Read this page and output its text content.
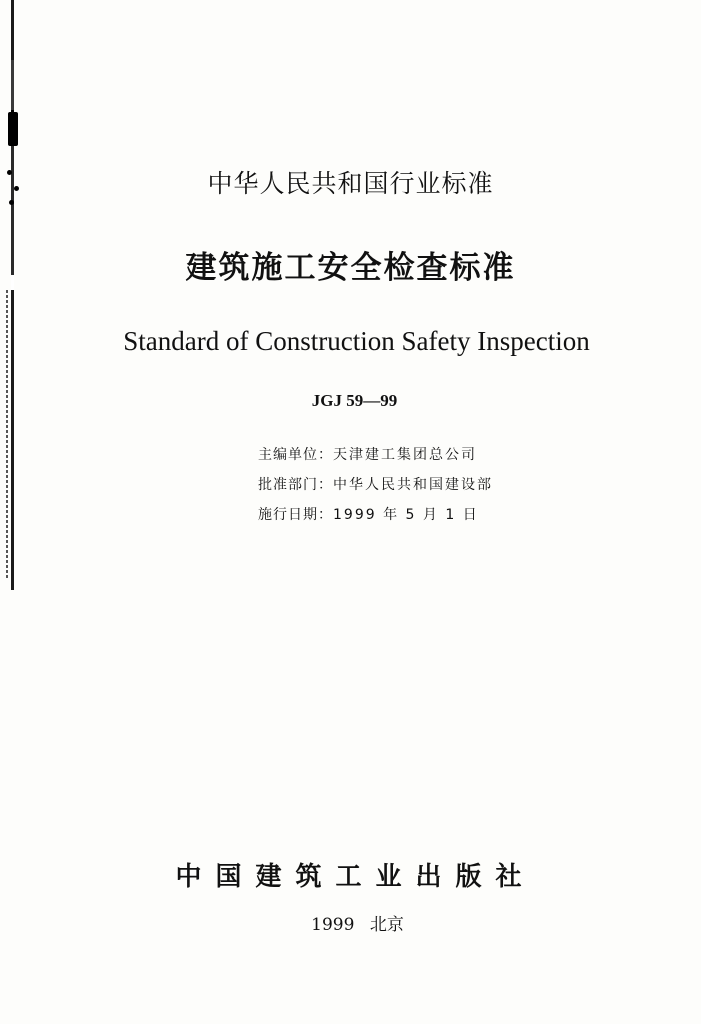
中华人民共和国行业标准
建筑施工安全检查标准
Standard of Construction Safety Inspection
JGJ 59—99
主编单位：天津建工集团总公司
批准部门：中华人民共和国建设部
施行日期：1999 年 5 月 1 日
中国建筑工业出版社
1999 北京
